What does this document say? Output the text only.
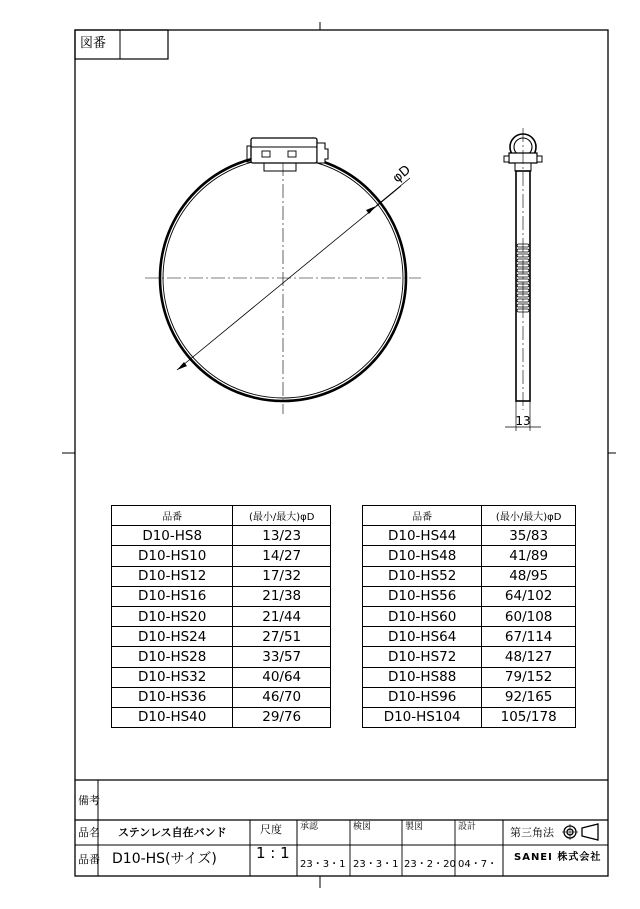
φD
13
図番
品番	(最小/最大)φD
D10-HS8	13/23
D10-HS10	14/27
D10-HS12	17/32
D10-HS16	21/38
D10-HS20	21/44
D10-HS24	27/51
D10-HS28	33/57
D10-HS32	40/64
D10-HS36	46/70
D10-HS40	29/76
品番	(最小/最大)φD
D10-HS44	35/83
D10-HS48	41/89
D10-HS52	48/95
D10-HS56	64/102
D10-HS60	60/108
D10-HS64	67/114
D10-HS72	48/127
D10-HS88	79/152
D10-HS96	92/165
D10-HS104	105/178
備考
品名 ステンレス自在バンド
品番 D10-HS(サイズ)
尺度
1 : 1
承認
23・3・1
検図
23・3・1
製図
23・2・20
設計
04・7・
第三角法
SANEI 株式会社
